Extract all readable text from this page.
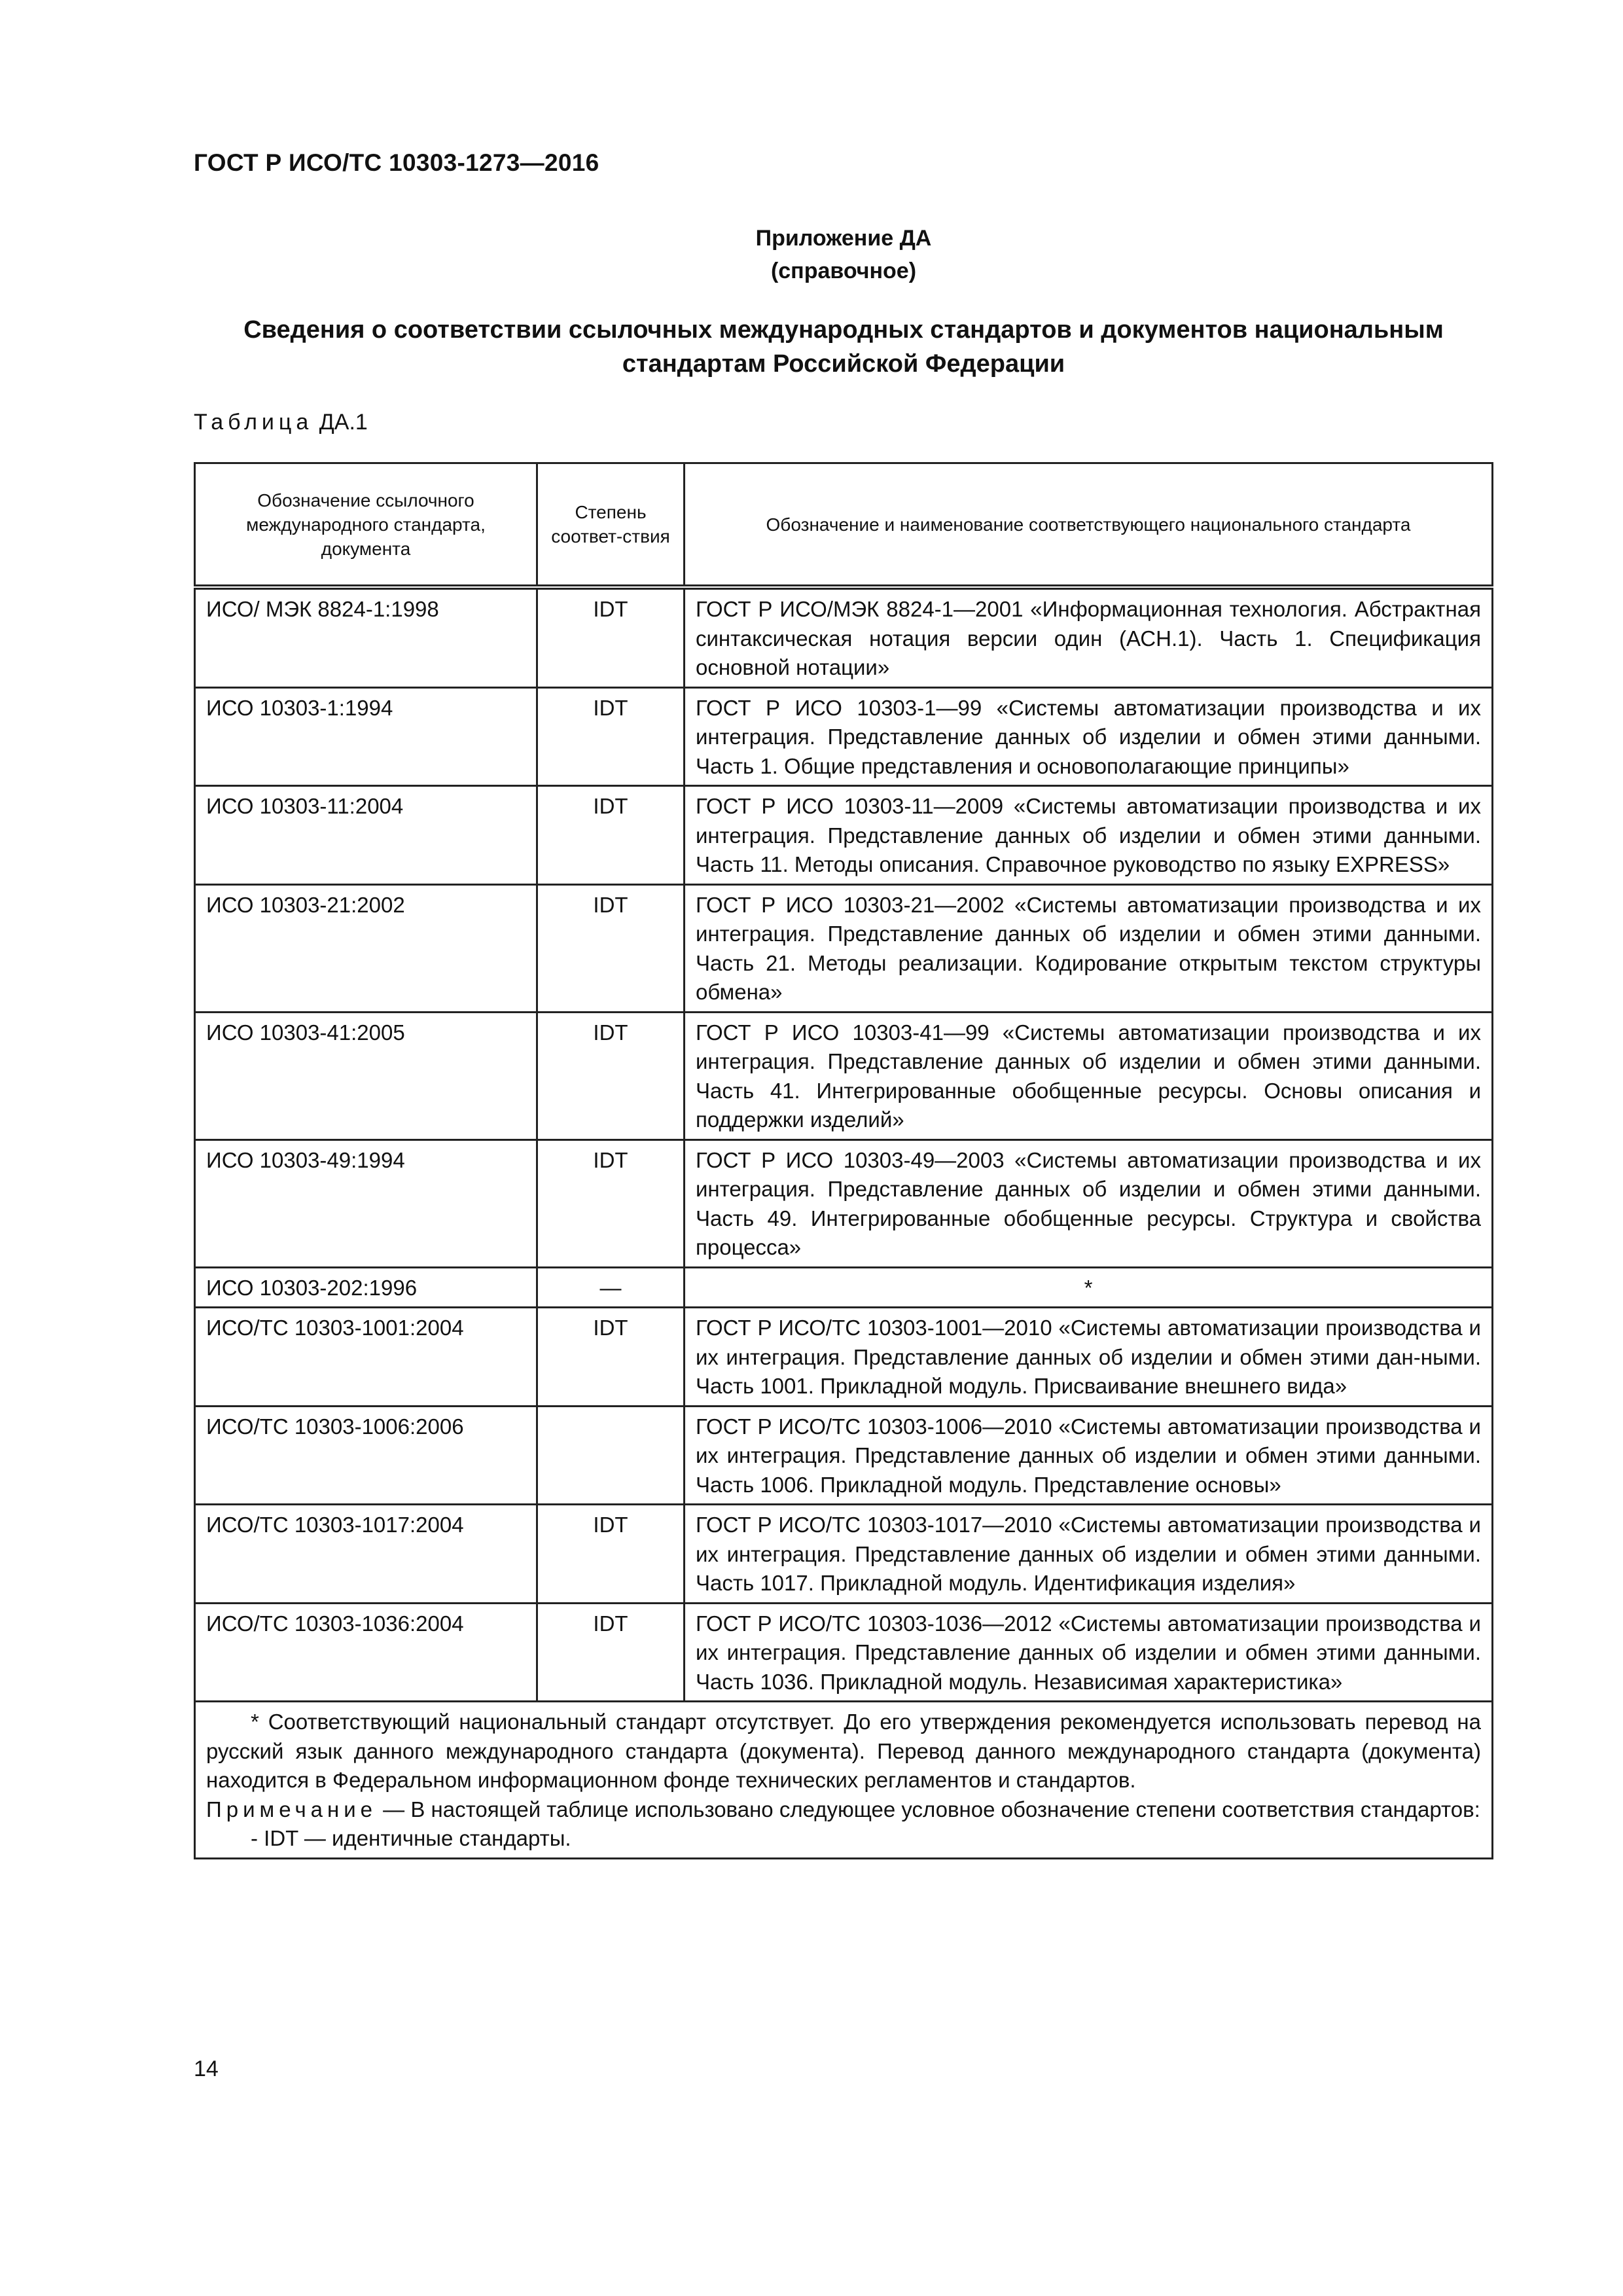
ГОСТ Р ИСО/ТС 10303-1273—2016
Приложение ДА
(справочное)
Сведения о соответствии ссылочных международных стандартов и документов национальным стандартам Российской Федерации
Таблица ДА.1
Обозначение ссылочного международного стандарта, документа	Степень соответ-ствия	Обозначение и наименование соответствующего национального стандарта
ИСО/ МЭК 8824-1:1998	IDT	ГОСТ Р ИСО/МЭК 8824-1—2001 «Информационная технология. Абстрактная синтаксическая нотация версии один (АСН.1). Часть 1. Спецификация основной нотации»
ИСО 10303-1:1994	IDT	ГОСТ Р ИСО 10303-1—99 «Системы автоматизации производства и их интеграция. Представление данных об изделии и обмен этими данными. Часть 1. Общие представления и основополагающие принципы»
ИСО 10303-11:2004	IDT	ГОСТ Р ИСО 10303-11—2009 «Системы автоматизации производства и их интеграция. Представление данных об изделии и обмен этими данными. Часть 11. Методы описания. Справочное руководство по языку EXPRESS»
ИСО 10303-21:2002	IDT	ГОСТ Р ИСО 10303-21—2002 «Системы автоматизации производства и их интеграция. Представление данных об изделии и обмен этими данными. Часть 21. Методы реализации. Кодирование открытым текстом структуры обмена»
ИСО 10303-41:2005	IDT	ГОСТ Р ИСО 10303-41—99 «Системы автоматизации производства и их интеграция. Представление данных об изделии и обмен этими данными. Часть 41. Интегрированные обобщенные ресурсы. Основы описания и поддержки изделий»
ИСО 10303-49:1994	IDT	ГОСТ Р ИСО 10303-49—2003 «Системы автоматизации производства и их интеграция. Представление данных об изделии и обмен этими данными. Часть 49. Интегрированные обобщенные ресурсы. Структура и свойства процесса»
ИСО 10303-202:1996	—	*
ИСО/ТС 10303-1001:2004	IDT	ГОСТ Р ИСО/ТС 10303-1001—2010 «Системы автоматизации производства и их интеграция. Представление данных об изделии и обмен этими дан-ными. Часть 1001. Прикладной модуль. Присваивание внешнего вида»
ИСО/ТС 10303-1006:2006		ГОСТ Р ИСО/ТС 10303-1006—2010 «Системы автоматизации производства и их интеграция. Представление данных об изделии и обмен этими данными. Часть 1006. Прикладной модуль. Представление основы»
ИСО/ТС 10303-1017:2004	IDT	ГОСТ Р ИСО/ТС 10303-1017—2010 «Системы автоматизации производства и их интеграция. Представление данных об изделии и обмен этими данными. Часть 1017. Прикладной модуль. Идентификация изделия»
ИСО/ТС 10303-1036:2004	IDT	ГОСТ Р ИСО/ТС 10303-1036—2012 «Системы автоматизации производства и их интеграция. Представление данных об изделии и обмен этими данными. Часть 1036. Прикладной модуль. Независимая характеристика»

* Соответствующий национальный стандарт отсутствует. До его утверждения рекомендуется использовать перевод на русский язык данного международного стандарта (документа). Перевод данного международного стандарта (документа) находится в Федеральном информационном фонде технических регламентов и стандартов.

Примечание — В настоящей таблице использовано следующее условное обозначение степени соответствия стандартов:

- IDT — идентичные стандарты.		

14
